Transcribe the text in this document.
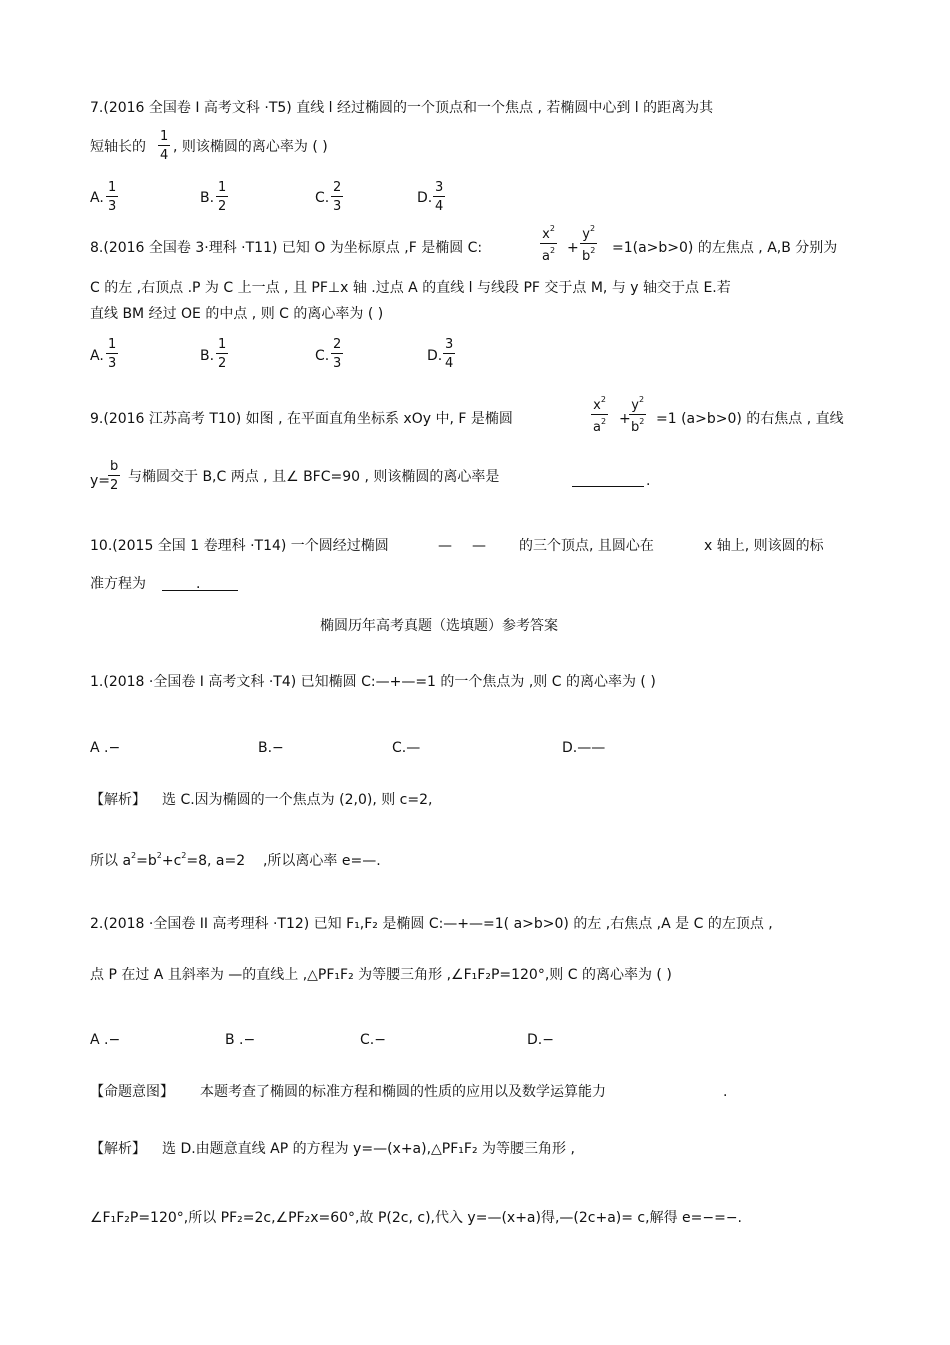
7.(2016 全国卷 I 高考文科 ·T5) 直线 l 经过椭圆的一个顶点和一个焦点 , 若椭圆中心到 l 的距离为其
短轴长的 $\frac{1}{4}$ , 则该椭圆的离心率为 ( )
A. $\frac{1}{3}$	B. $\frac{1}{2}$	C. $\frac{2}{3}$	D. $\frac{3}{4}$
8.(2016 全国卷 3·理科 ·T11) 已知 O 为坐标原点 ,F 是椭圆 C:	$\frac{x^2}{a^2} + \frac{y^2}{b^2} =1(a>b>0)$ 的左焦点 , A,B 分别为
C 的左 ,右顶点 .P 为 C 上一点 , 且 PF⊥x 轴 .过点 A 的直线 l 与线段 PF 交于点 M, 与 y 轴交于点 E.若
直线 BM 经过 OE 的中点 , 则 C 的离心率为 ( )
A. $\frac{1}{3}$	B. $\frac{1}{2}$	C. $\frac{2}{3}$	D. $\frac{3}{4}$
9.(2016 江苏高考 T10) 如图 , 在平面直角坐标系 xOy 中, F 是椭圆	$\frac{x^2}{a^2}$ +
$\frac{y^2}{b^2} =1$ (a>b>0) 的右焦点 , 直线
y=
$\frac{b}{2}$ 与椭圆交于 B,C 两点 , 且∠ BFC=90 , 则该椭圆的离心率是	.
10.(2015 全国 1 卷理科 ·T14) 一个圆经过椭圆	— — 的三个顶点, 且圆心在	x 轴上, 则该圆的标
准方程为	.
椭圆历年高考真题（选填题）参考答案
1.(2018 ·全国卷 I 高考文科 ·T4) 已知椭圆 C:—+—=1 的一个焦点为 ,则 C 的离心率为 ( )
A .−	B.−	C.—	D.——
【解析】 选 C.因为椭圆的一个焦点为 (2,0), 则 c=2,
所以 $a^2=b^2+c^2=8$, a=2 ,所以离心率 e=—.
2.(2018 ·全国卷 II 高考理科 ·T12) 已知 F₁,F₂ 是椭圆 C:—+—=1( a>b>0) 的左 ,右焦点 ,A 是 C 的左顶点 ,
点 P 在过 A 且斜率为 —的直线上 ,△PF₁F₂ 为等腰三角形 ,∠F₁F₂P=120°,则 C 的离心率为 ( )
A .−	B .−	C.−	D.−
【命题意图】 本题考查了椭圆的标准方程和椭圆的性质的应用以及数学运算能力	.
【解析】 选 D.由题意直线 AP 的方程为 y=—(x+a),△PF₁F₂ 为等腰三角形 ,
∠F₁F₂P=120°,所以 PF₂=2c,∠PF₂x=60°,故 P(2c, c),代入 y=—(x+a)得,—(2c+a)= c,解得 e=−=−.
